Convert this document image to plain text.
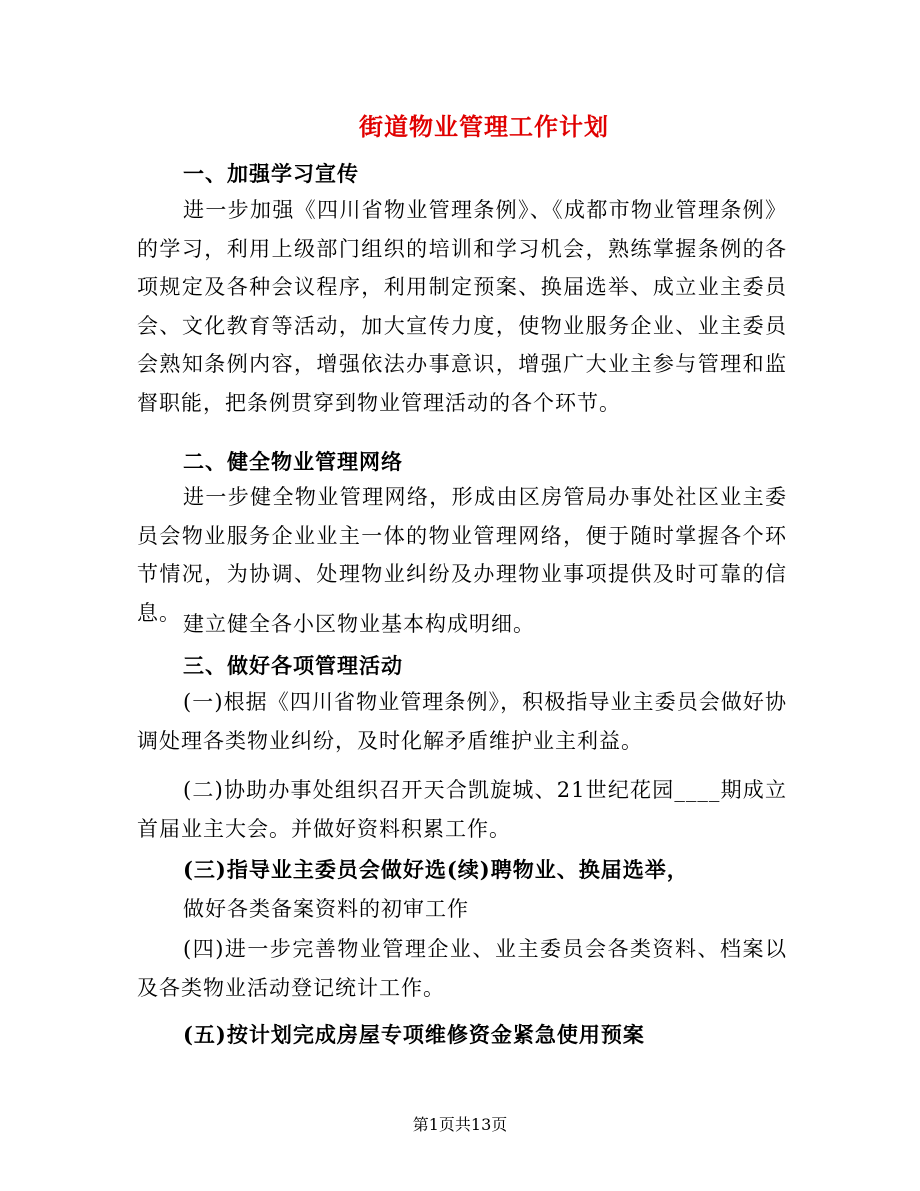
街道物业管理工作计划
一、加强学习宣传

进一步加强《四川省物业管理条例》、《成都市物业管理条例》的学习，利用上级部门组织的培训和学习机会，熟练掌握条例的各项规定及各种会议程序，利用制定预案、换届选举、成立业主委员会、文化教育等活动，加大宣传力度，使物业服务企业、业主委员会熟知条例内容，增强依法办事意识，增强广大业主参与管理和监督职能，把条例贯穿到物业管理活动的各个环节。

二、健全物业管理网络

进一步健全物业管理网络，形成由区房管局办事处社区业主委员会物业服务企业业主一体的物业管理网络，便于随时掌握各个环节情况，为协调、处理物业纠纷及办理物业事项提供及时可靠的信息。 建立健全各小区物业基本构成明细。
三、做好各项管理活动

(一)根据《四川省物业管理条例》，积极指导业主委员会做好协调处理各类物业纠纷，及时化解矛盾维护业主利益。

(二)协助办事处组织召开天合凯旋城、21世纪花园____期成立首届业主大会。并做好资料积累工作。

(三)指导业主委员会做好选(续)聘物业、换届选举，
做好各类备案资料的初审工作

(四)进一步完善物业管理企业、业主委员会各类资料、档案以及各类物业活动登记统计工作。

(五)按计划完成房屋专项维修资金紧急使用预案
第1页共13页
